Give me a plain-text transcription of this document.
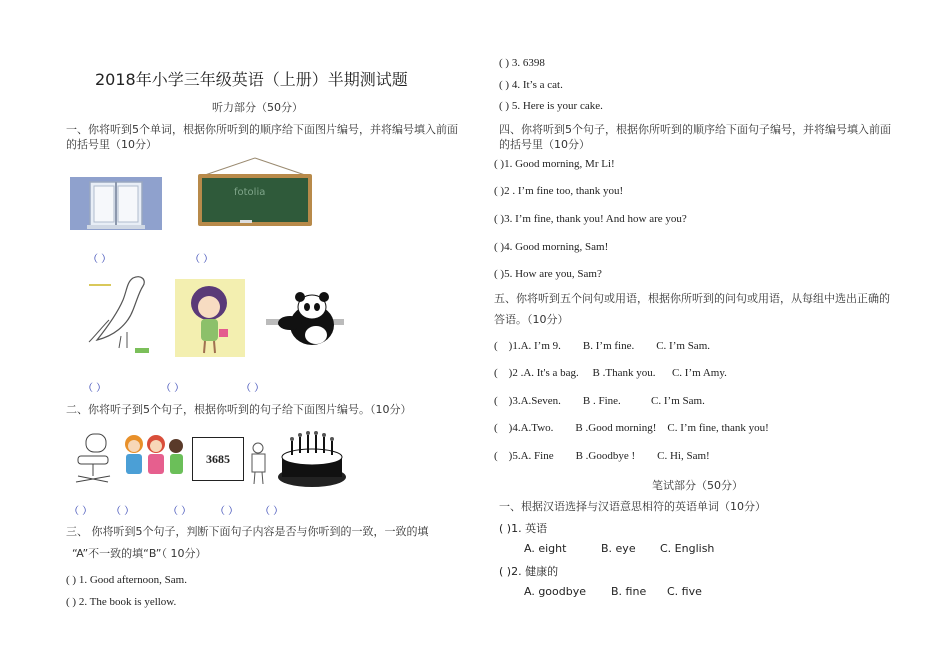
2018年小学三年级英语（上册）半期测试题
听力部分（50分）
一、你将听到5个单词，根据你所听到的顺序给下面图片编号，并将编号填入前面
的括号里（10分）
fotolia
（ ）	（ ）
（ ）	（ ）	（ ）
二、你将听子到5个句子，根据你听到的句子给下面图片编号。（10分）
3685
（ ） （ ）	（ ） （ ） （ ）
三、 你将听到5个句子，判断下面句子内容是否与你听到的一致，一致的填
“A”不一致的填“B”（ 10分）
( ) 1. Good afternoon, Sam.
( ) 2. The book is yellow.
( ) 3. 6398
( ) 4. It’s a cat.
( ) 5. Here is your cake.
四、你将听到5个句子，根据你所听到的顺序给下面句子编号，并将编号填入前面
的括号里（10分）
( )1. Good morning, Mr Li!
( )2 . I’m fine too, thank you!
( )3. I’m fine, thank you! And how are you?
( )4. Good morning, Sam!
( )5. How are you, Sam?
五、你将听到五个问句或用语，根据你所听到的问句或用语，从每组中选出正确的
答语。（10分）
(    )1.A. I’m 9.        B. I’m fine.        C. I’m Sam.
(    )2 .A. It's a bag.     B .Thank you.      C. I’m Amy.
(    )3.A.Seven.        B . Fine.           C. I’m Sam.
(    )4.A.Two.        B .Good morning!    C. I’m fine, thank you!
(    )5.A. Fine        B .Goodbye !        C. Hi, Sam!
笔试部分（50分）
一、根据汉语选择与汉语意思相符的英语单词（10分）
( )1. 英语
A. eight	B. eye C. English
( )2. 健康的
A. goodbye B. fine C. five
